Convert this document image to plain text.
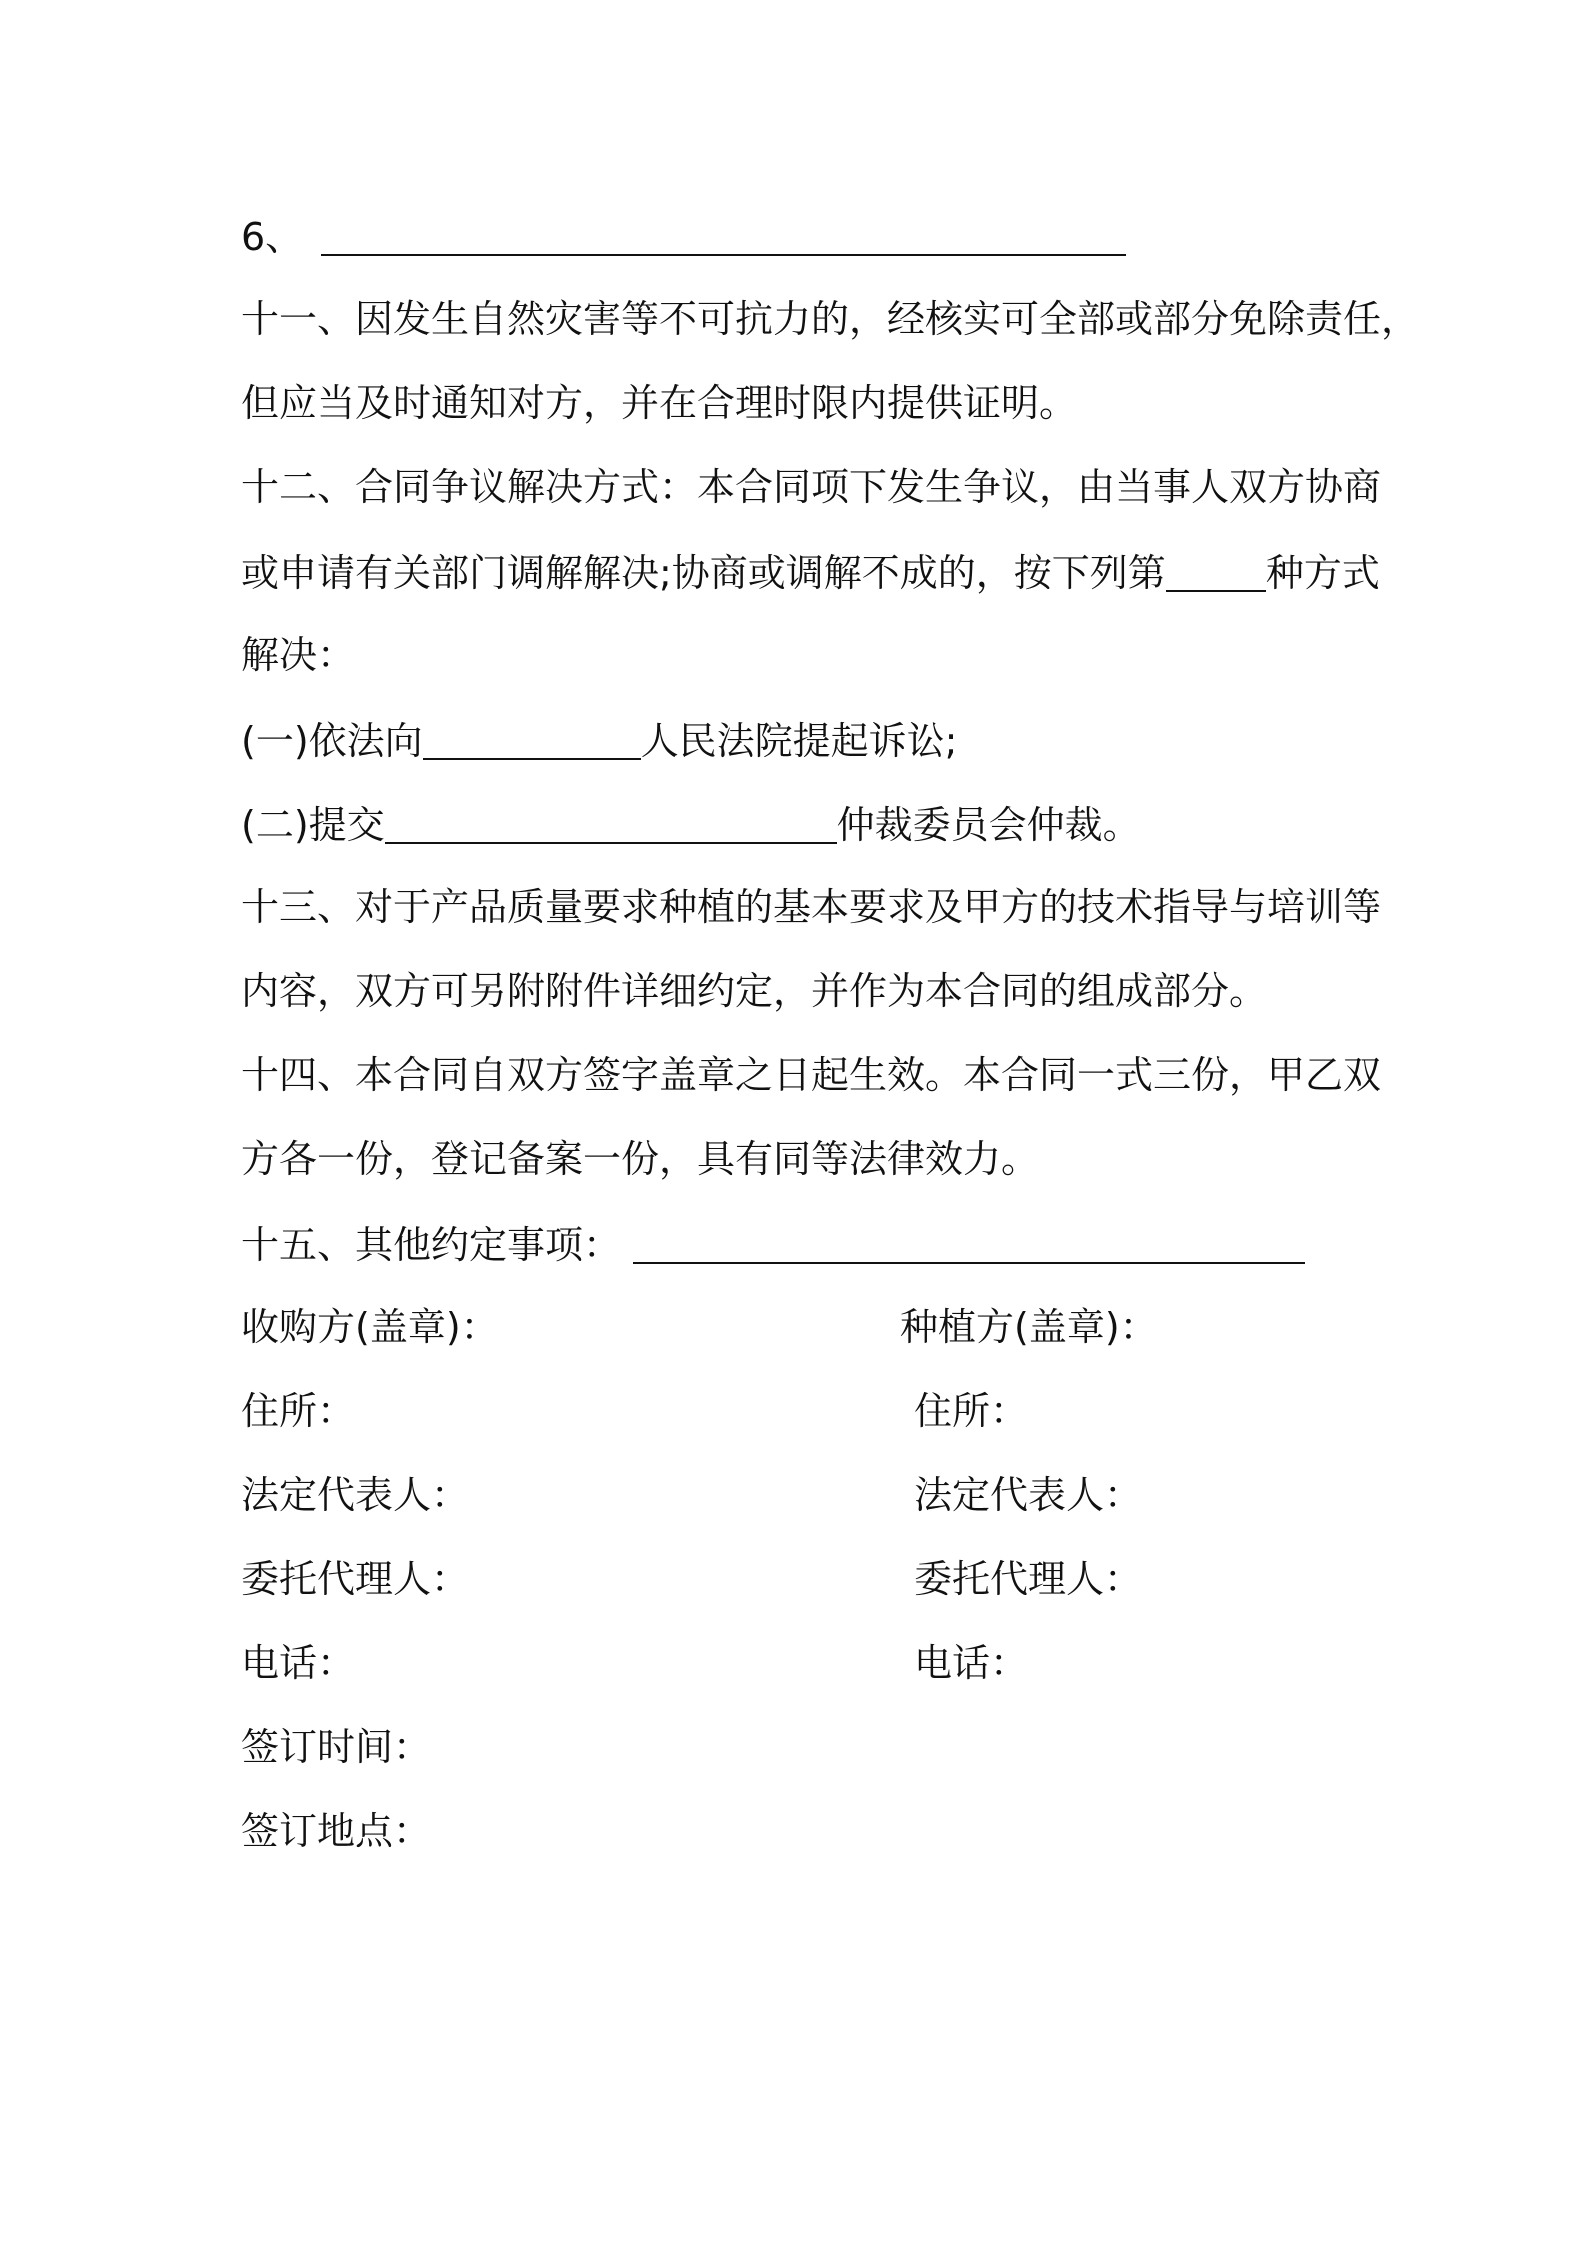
6、
十一、因发生自然灾害等不可抗力的，经核实可全部或部分免除责任，
但应当及时通知对方，并在合理时限内提供证明。
十二、合同争议解决方式：本合同项下发生争议，由当事人双方协商
或申请有关部门调解解决;协商或调解不成的，按下列第	种方式
解决：
(一)依法向	人民法院提起诉讼;
(二)提交	仲裁委员会仲裁。
十三、对于产品质量要求种植的基本要求及甲方的技术指导与培训等
内容，双方可另附附件详细约定，并作为本合同的组成部分。
十四、本合同自双方签字盖章之日起生效。本合同一式三份，甲乙双
方各一份，登记备案一份，具有同等法律效力。
十五、其他约定事项：
收购方(盖章)：	种植方(盖章)：
住所：	住所：
法定代表人：	法定代表人：
委托代理人：	委托代理人：
电话：	电话：
签订时间：
签订地点：
